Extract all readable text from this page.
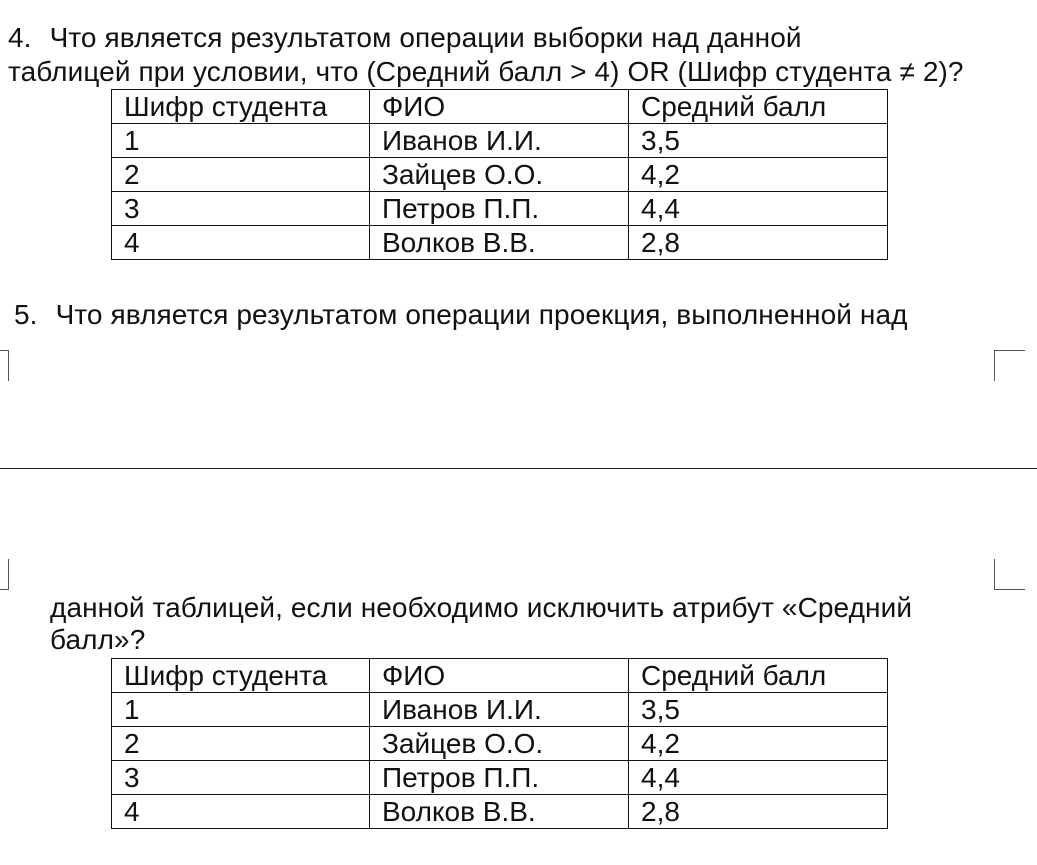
4. Что является результатом операции выборки над данной
таблицей при условии, что (Средний балл > 4) OR (Шифр студента ≠ 2)?
Шифр студента	ФИО	Средний балл
1	Иванов И.И.	3,5
2	Зайцев О.О.	4,2
3	Петров П.П.	4,4
4	Волков В.В.	2,8
5. Что является результатом операции проекция, выполненной над
данной таблицей, если необходимо исключить атрибут «Средний
балл»?
Шифр студента	ФИО	Средний балл
1	Иванов И.И.	3,5
2	Зайцев О.О.	4,2
3	Петров П.П.	4,4
4	Волков В.В.	2,8
